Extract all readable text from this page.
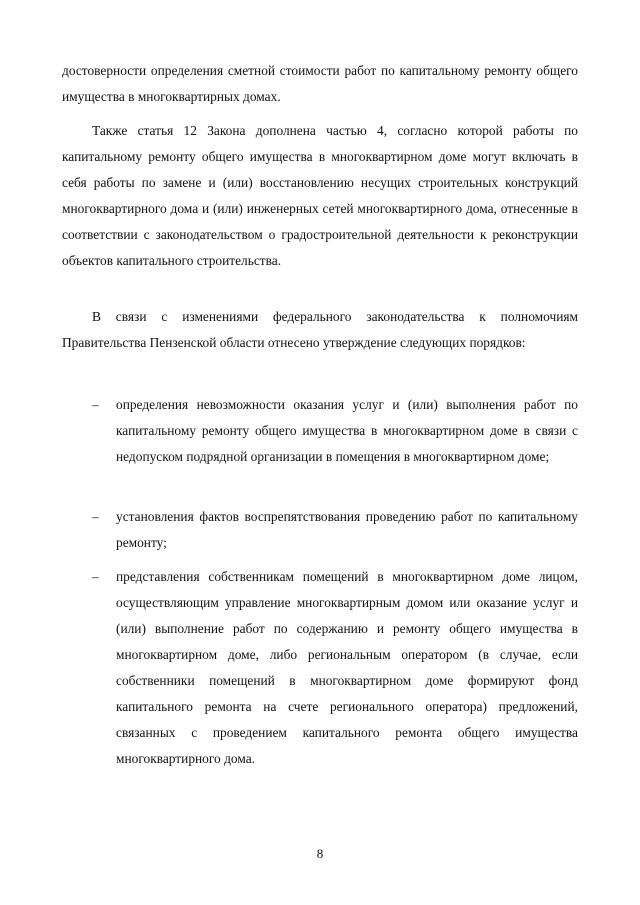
достоверности определения сметной стоимости работ по капитальному ремонту общего имущества в многоквартирных домах.
Также статья 12 Закона дополнена частью 4, согласно которой работы по капитальному ремонту общего имущества в многоквартирном доме могут включать в себя работы по замене и (или) восстановлению несущих строительных конструкций многоквартирного дома и (или) инженерных сетей многоквартирного дома, отнесенные в соответствии с законодательством о градостроительной деятельности к реконструкции объектов капитального строительства.
В связи с изменениями федерального законодательства к полномочиям Правительства Пензенской области отнесено утверждение следующих порядков:
– определения невозможности оказания услуг и (или) выполнения работ по капитальному ремонту общего имущества в многоквартирном доме в связи с недопуском подрядной организации в помещения в многоквартирном доме;
– установления фактов воспрепятствования проведению работ по капитальному ремонту;
– представления собственникам помещений в многоквартирном доме лицом, осуществляющим управление многоквартирным домом или оказание услуг и (или) выполнение работ по содержанию и ремонту общего имущества в многоквартирном доме, либо региональным оператором (в случае, если собственники помещений в многоквартирном доме формируют фонд капитального ремонта на счете регионального оператора) предложений, связанных с проведением капитального ремонта общего имущества многоквартирного дома.
8
